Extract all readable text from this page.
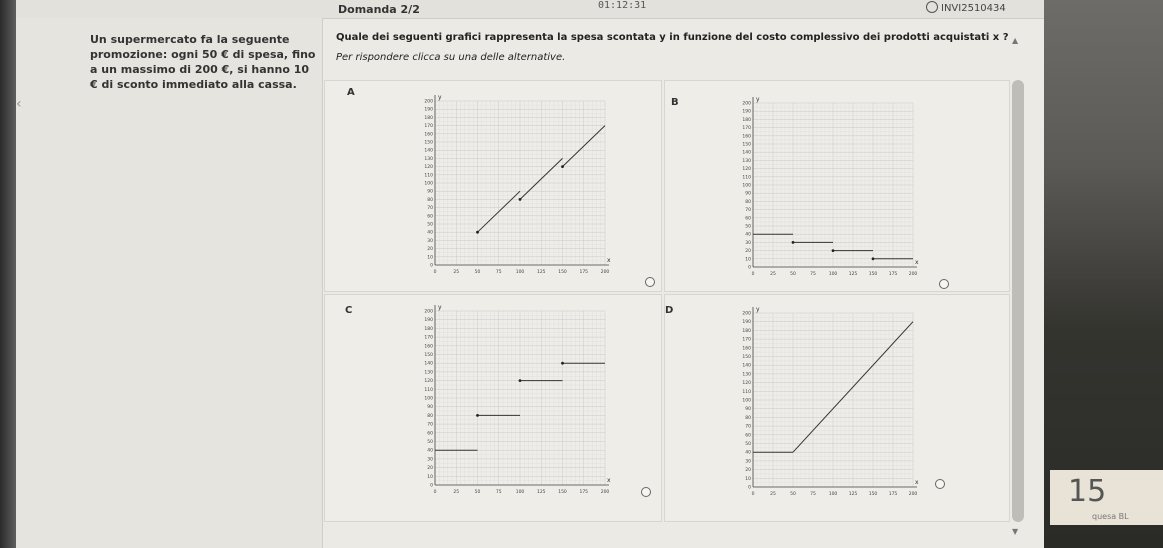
Domanda 2/2	01:12:31	INVI2510434
‹
Un supermercato fa la seguente promozione: ogni 50 € di spesa, fino a un massimo di 200 €, si hanno 10 € di sconto immediato alla cassa.
Quale dei seguenti grafici rappresenta la spesa scontata y in funzione del costo complessivo dei prodotti acquistati x ?
Per rispondere clicca su una delle alternative.
A
x
y
0	25	50	75	100	125	150	175	200
200
190
180
170
160
150
140
130
120
110
100
90
80
70
60
50
40
30
20
10
0
B
x
y
0	25	50	75	100	125	150	175	200
200
190
180
170
160
150
140
130
120
110
100
90
80
70
60
50
40
30
20
10
0
C
x
y
0	25	50	75	100	125	150	175	200
200
190
180
170
160
150
140
130
120
110
100
90
80
70
60
50
40
30
20
10
0
D
x
y
0	25	50	75	100	125	150	175	200
200
190
180
170
160
150
140
130
120
110
100
90
80
70
60
50
40
30
20
10
0
▲
▼
15
quesa BL
